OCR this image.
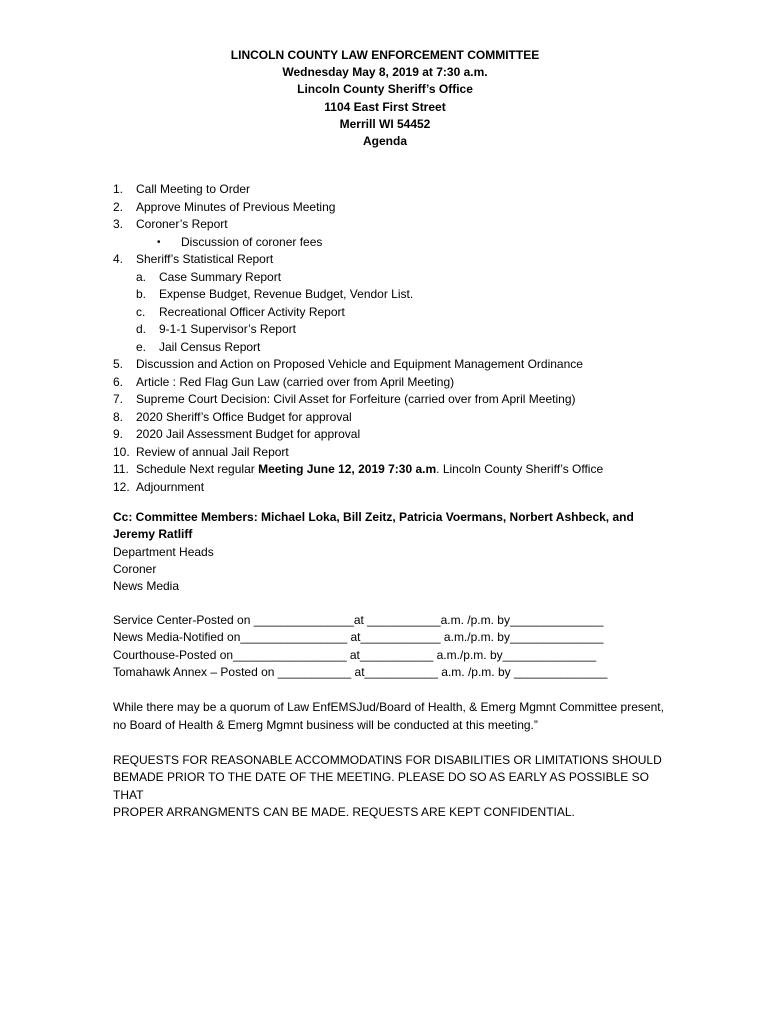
LINCOLN COUNTY LAW ENFORCEMENT COMMITTEE
Wednesday May 8, 2019 at 7:30 a.m.
Lincoln County Sheriff’s Office
1104 East First Street
Merrill WI 54452
Agenda
1. Call Meeting to Order
2. Approve Minutes of Previous Meeting
3. Coroner’s Report
• Discussion of coroner fees
4. Sheriff’s Statistical Report
a. Case Summary Report
b. Expense Budget, Revenue Budget, Vendor List.
c. Recreational Officer Activity Report
d. 9-1-1 Supervisor’s Report
e. Jail Census Report
5. Discussion and Action on Proposed Vehicle and Equipment Management Ordinance
6. Article : Red Flag Gun Law (carried over from April Meeting)
7. Supreme Court Decision: Civil Asset for Forfeiture (carried over from April Meeting)
8. 2020 Sheriff’s Office Budget for approval
9. 2020 Jail Assessment Budget for approval
10. Review of annual Jail Report
11. Schedule Next regular Meeting June 12, 2019 7:30 a.m. Lincoln County Sheriff’s Office
12. Adjournment
Cc: Committee Members: Michael Loka, Bill Zeitz, Patricia Voermans, Norbert Ashbeck, and
Jeremy Ratliff
Department Heads
Coroner
News Media
Service Center-Posted on _______________at ___________a.m. /p.m. by______________
News Media-Notified on________________ at____________ a.m./p.m. by______________
Courthouse-Posted on_________________ at___________ a.m./p.m. by______________
Tomahawk Annex – Posted on ___________ at___________ a.m. /p.m. by ______________
While there may be a quorum of Law EnfEMSJud/Board of Health, & Emerg Mgmnt Committee present, no Board of Health & Emerg Mgmnt business will be conducted at this meeting.”
REQUESTS FOR REASONABLE ACCOMMODATINS FOR DISABILITIES OR LIMITATIONS SHOULD
BEMADE PRIOR TO THE DATE OF THE MEETING. PLEASE DO SO AS EARLY AS POSSIBLE SO THAT
PROPER ARRANGMENTS CAN BE MADE. REQUESTS ARE KEPT CONFIDENTIAL.
